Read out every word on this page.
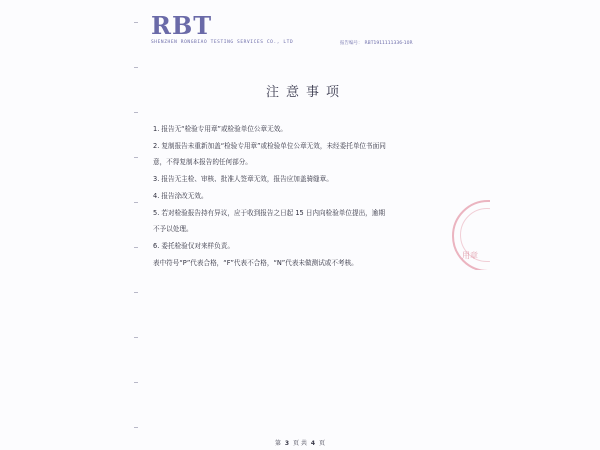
RBT
SHENZHEN RONGBIAO TESTING SERVICES CO., LTD	报告编号： RBT1911111336-10R
注意事项
1. 报告无“检验专用章”或检验单位公章无效。
2. 复制报告未重新加盖“检验专用章”或检验单位公章无效，未经委托单位书面同
意，不得复制本报告的任何部分。
3. 报告无主检、审核、批准人签章无效，报告应加盖骑缝章。
4. 报告涂改无效。
5. 若对检验报告持有异议，应于收到报告之日起 15 日内向检验单位提出，逾期
不予以处理。
6. 委托检验仅对来样负责。
表中符号“P”代表合格，“F”代表不合格，“N”代表未做测试或不考核。
用章
第 3 页 共 4 页
